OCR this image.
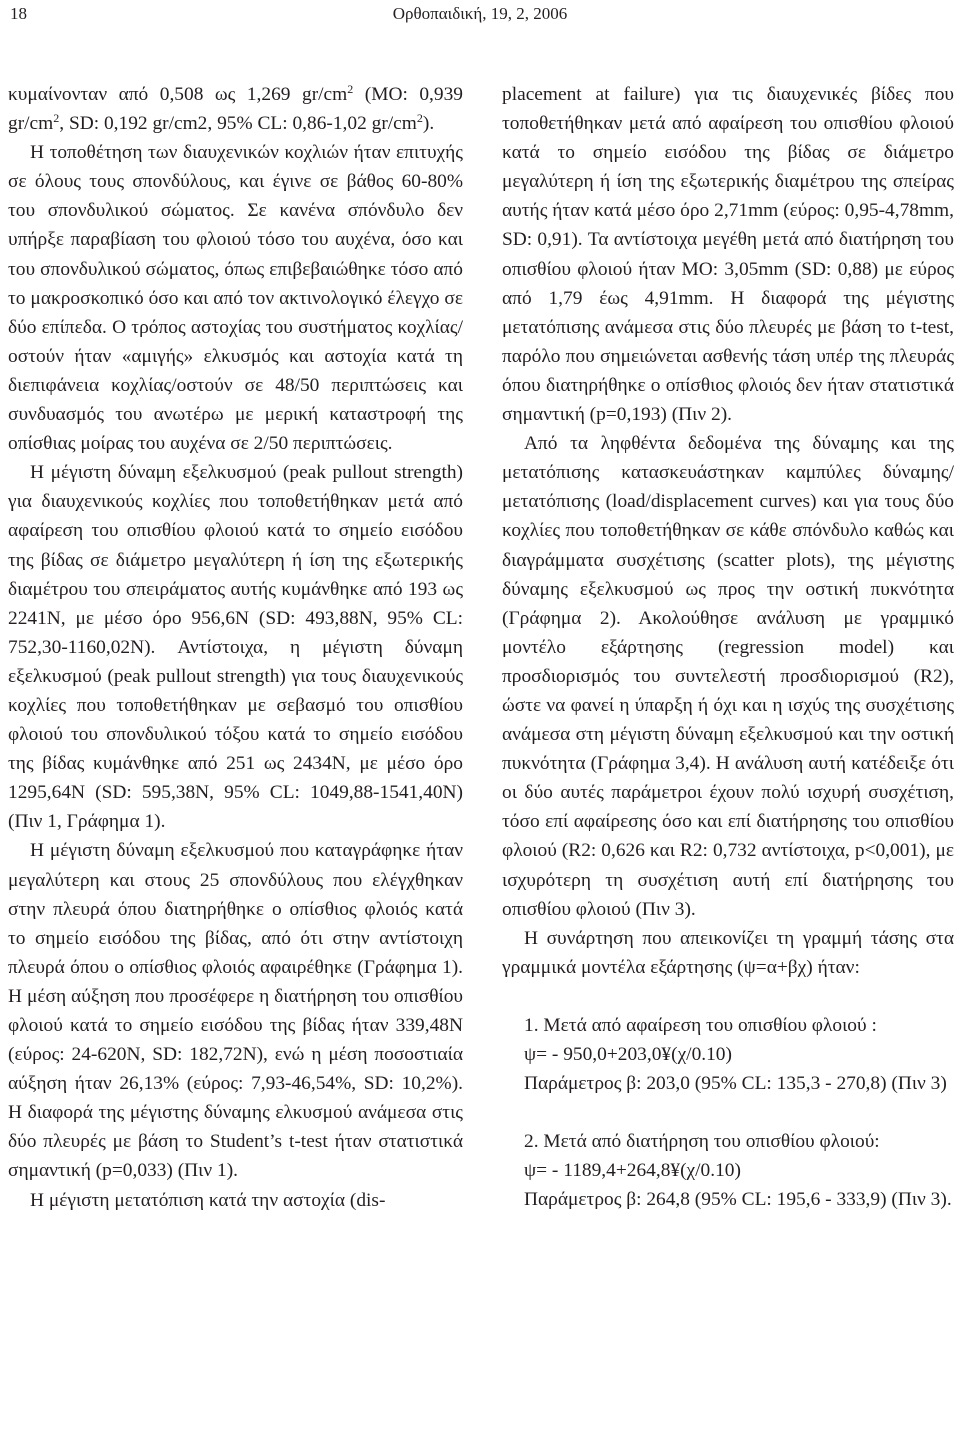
18	Ορθοπαιδική, 19, 2, 2006

κυμαίνονταν από 0,508 ως 1,269 $gr/cm^2$ (ΜΟ: 0,939 $gr/cm^2$, SD: 0,192 gr/cm2, 95% CL: 0,86-1,02 $gr/cm^2$).

Η τοποθέτηση των διαυχενικών κοχλιών ήταν επιτυχής σε όλους τους σπονδύλους, και έγινε σε βάθος 60-80% του σπονδυλικού σώματος. Σε κανένα σπόνδυλο δεν υπήρξε παραβίαση του φλοιού τόσο του αυχένα, όσο και του σπονδυλικού σώματος, όπως επιβεβαιώθηκε τόσο από το μακροσκοπικό όσο και από τον ακτινολογικό έλεγχο σε δύο επίπεδα. Ο τρόπος αστοχίας του συστήματος κοχλίας/οστούν ήταν «αμιγής» ελκυσμός και αστοχία κατά τη διεπιφάνεια κοχλίας/οστούν σε 48/50 περιπτώσεις και συνδυασμός του ανωτέρω με μερική καταστροφή της οπίσθιας μοίρας του αυχένα σε 2/50 περιπτώσεις.

Η μέγιστη δύναμη εξελκυσμού (peak pullout strength) για διαυχενικούς κοχλίες που τοποθετήθηκαν μετά από αφαίρεση του οπισθίου φλοιού κατά το σημείο εισόδου της βίδας σε διάμετρο μεγαλύτερη ή ίση της εξωτερικής διαμέτρου του σπειράματος αυτής κυμάνθηκε από 193 ως 2241N, με μέσο όρο 956,6N (SD: 493,88N, 95% CL: 752,30-1160,02N). Αντίστοιχα, η μέγιστη δύναμη εξελκυσμού (peak pullout strength) για τους διαυχενικούς κοχλίες που τοποθετήθηκαν με σεβασμό του οπισθίου φλοιού του σπονδυλικού τόξου κατά το σημείο εισόδου της βίδας κυμάνθηκε από 251 ως 2434N, με μέσο όρο 1295,64N (SD: 595,38N, 95% CL: 1049,88-1541,40N) (Πιν 1, Γράφημα 1).

Η μέγιστη δύναμη εξελκυσμού που καταγράφηκε ήταν μεγαλύτερη και στους 25 σπονδύλους που ελέγχθηκαν στην πλευρά όπου διατηρήθηκε ο οπίσθιος φλοιός κατά το σημείο εισόδου της βίδας, από ότι στην αντίστοιχη πλευρά όπου ο οπίσθιος φλοιός αφαιρέθηκε (Γράφημα 1). Η μέση αύξηση που προσέφερε η διατήρηση του οπισθίου φλοιού κατά το σημείο εισόδου της βίδας ήταν 339,48N (εύρος: 24-620N, SD: 182,72N), ενώ η μέση ποσοστιαία αύξηση ήταν 26,13% (εύρος: 7,93-46,54%, SD: 10,2%). Η διαφορά της μέγιστης δύναμης ελκυσμού ανάμεσα στις δύο πλευρές με βάση το Student’s t-test ήταν στατιστικά σημαντική (p=0,033) (Πιν 1).

Η μέγιστη μετατόπιση κατά την αστοχία (dis-

placement at failure) για τις διαυχενικές βίδες που τοποθετήθηκαν μετά από αφαίρεση του οπισθίου φλοιού κατά το σημείο εισόδου της βίδας σε διάμετρο μεγαλύτερη ή ίση της εξωτερικής διαμέτρου της σπείρας αυτής ήταν κατά μέσο όρο 2,71mm (εύρος: 0,95-4,78mm, SD: 0,91). Τα αντίστοιχα μεγέθη μετά από διατήρηση του οπισθίου φλοιού ήταν ΜΟ: 3,05mm (SD: 0,88) με εύρος από 1,79 έως 4,91mm. Η διαφορά της μέγιστης μετατόπισης ανάμεσα στις δύο πλευρές με βάση το t-test, παρόλο που σημειώνεται ασθενής τάση υπέρ της πλευράς όπου διατηρήθηκε ο οπίσθιος φλοιός δεν ήταν στατιστικά σημαντική (p=0,193) (Πιν 2).

Από τα ληφθέντα δεδομένα της δύναμης και της μετατόπισης κατασκευάστηκαν καμπύλες δύναμης/μετατόπισης (load/displacement curves) και για τους δύο κοχλίες που τοποθετήθηκαν σε κάθε σπόνδυλο καθώς και διαγράμματα συσχέτισης (scatter plots), της μέγιστης δύναμης εξελκυσμού ως προς την οστική πυκνότητα (Γράφημα 2). Ακολούθησε ανάλυση με γραμμικό μοντέλο εξάρτησης (regression model) και προσδιορισμός του συντελεστή προσδιορισμού (R2), ώστε να φανεί η ύπαρξη ή όχι και η ισχύς της συσχέτισης ανάμεσα στη μέγιστη δύναμη εξελκυσμού και την οστική πυκνότητα (Γράφημα 3,4). Η ανάλυση αυτή κατέδειξε ότι οι δύο αυτές παράμετροι έχουν πολύ ισχυρή συσχέτιση, τόσο επί αφαίρεσης όσο και επί διατήρησης του οπισθίου φλοιού (R2: 0,626 και R2: 0,732 αντίστοιχα, p<0,001), με ισχυρότερη τη συσχέτιση αυτή επί διατήρησης του οπισθίου φλοιού (Πιν 3).

Η συνάρτηση που απεικονίζει τη γραμμή τάσης στα γραμμικά μοντέλα εξάρτησης (ψ=α+βχ) ήταν:

1. Μετά από αφαίρεση του οπισθίου φλοιού :

ψ= - 950,0+203,0¥(χ/0.10)

Παράμετρος β: 203,0 (95% CL: 135,3 - 270,8) (Πιν 3)

2. Μετά από διατήρηση του οπισθίου φλοιού:

ψ= - 1189,4+264,8¥(χ/0.10)

Παράμετρος β: 264,8 (95% CL: 195,6 - 333,9) (Πιν 3).
